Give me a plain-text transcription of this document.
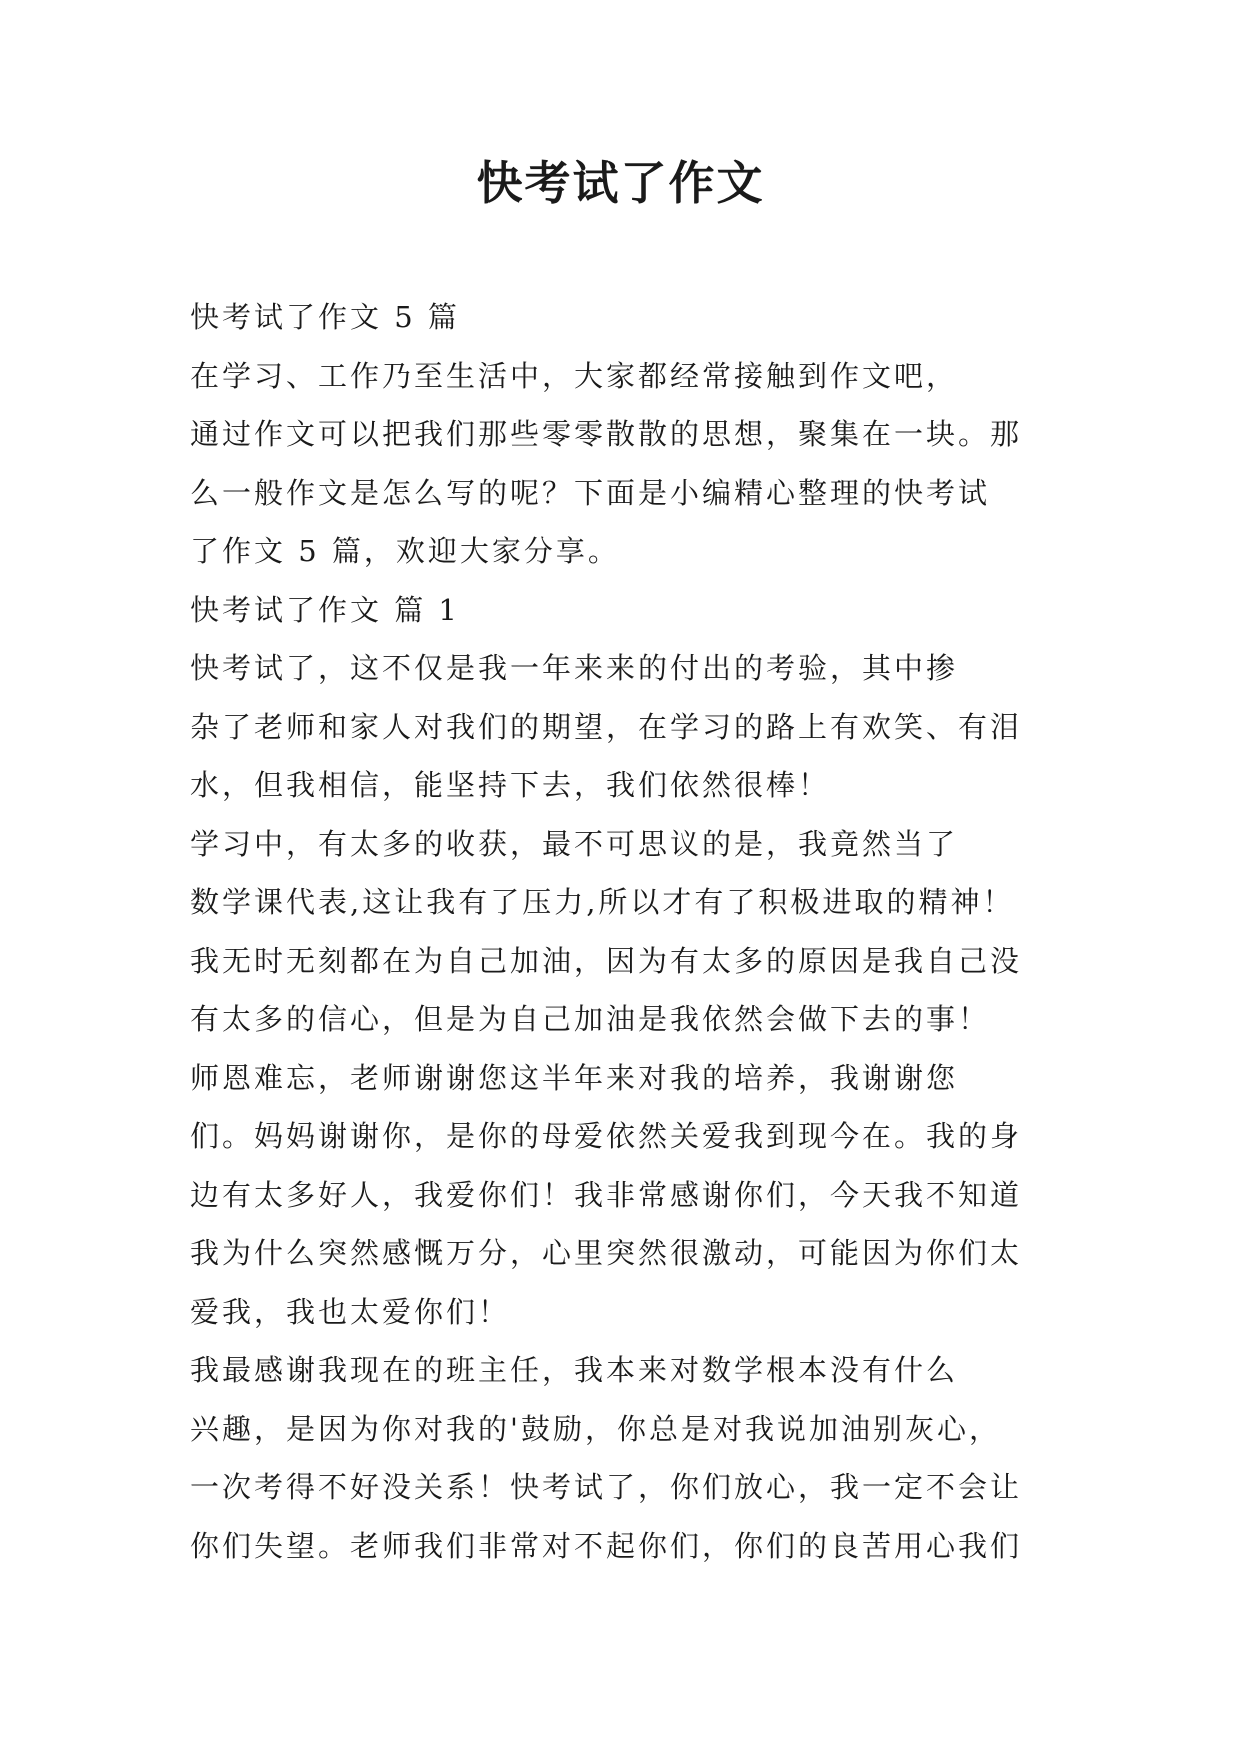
快考试了作文

快考试了作文 5 篇

在学习、工作乃至生活中，大家都经常接触到作文吧，

通过作文可以把我们那些零零散散的思想，聚集在一块。那

么一般作文是怎么写的呢？下面是小编精心整理的快考试

了作文 5 篇，欢迎大家分享。

快考试了作文 篇 1

快考试了，这不仅是我一年来来的付出的考验，其中掺

杂了老师和家人对我们的期望，在学习的路上有欢笑、有泪

水，但我相信，能坚持下去，我们依然很棒！

学习中，有太多的收获，最不可思议的是，我竟然当了

数学课代表,这让我有了压力,所以才有了积极进取的精神！

我无时无刻都在为自己加油，因为有太多的原因是我自己没

有太多的信心，但是为自己加油是我依然会做下去的事！

师恩难忘，老师谢谢您这半年来对我的培养，我谢谢您

们。妈妈谢谢你，是你的母爱依然关爱我到现今在。我的身

边有太多好人，我爱你们！我非常感谢你们，今天我不知道

我为什么突然感慨万分，心里突然很激动，可能因为你们太

爱我，我也太爱你们！

我最感谢我现在的班主任，我本来对数学根本没有什么

兴趣，是因为你对我的'鼓励，你总是对我说加油别灰心，

一次考得不好没关系！快考试了，你们放心，我一定不会让

你们失望。老师我们非常对不起你们，你们的良苦用心我们
